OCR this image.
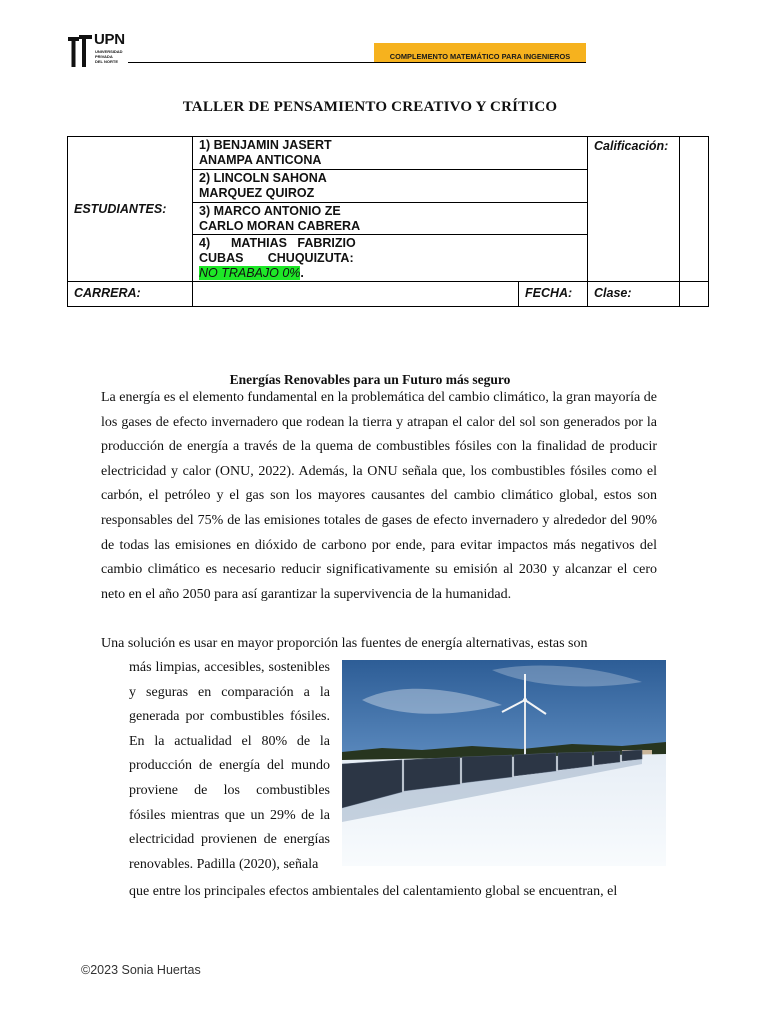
UPN
UNIVERSIDAD
PRIVADA
DEL NORTE
COMPLEMENTO MATEMÁTICO PARA INGENIEROS
TALLER DE PENSAMIENTO CREATIVO Y CRÍTICO
ESTUDIANTES:
1) BENJAMIN JASERT
ANAMPA ANTICONA
2) LINCOLN SAHONA
MARQUEZ QUIROZ
3) MARCO ANTONIO ZE
CARLO MORAN CABRERA
4)      MATHIAS   FABRIZIO
CUBAS       CHUQUIZUTA:
NO TRABAJO 0%.
Calificación:
CARRERA:	FECHA: Clase:
Energías Renovables para un Futuro más seguro
La energía es el elemento fundamental en la problemática del cambio climático, la gran mayoría de los gases de efecto invernadero que rodean la tierra y atrapan el calor del sol son generados por la producción de energía a través de la quema de combustibles fósiles con la finalidad de producir electricidad y calor (ONU, 2022). Además, la ONU señala que, los combustibles fósiles como el carbón, el petróleo y el gas son los mayores causantes del cambio climático global, estos son responsables del 75% de las emisiones totales de gases de efecto invernadero y alrededor del 90% de todas las emisiones en dióxido de carbono por ende, para evitar impactos más negativos del cambio climático es necesario reducir significativamente su emisión al 2030 y alcanzar el cero neto en el año 2050 para así garantizar la supervivencia de la humanidad.
Una solución es usar en mayor proporción las fuentes de energía alternativas, estas son
más limpias, accesibles, sostenibles y seguras en comparación a la generada por combustibles fósiles. En la actualidad el 80% de la producción de energía del mundo proviene de los combustibles fósiles mientras que un 29% de la electricidad provienen de energías renovables. Padilla (2020), señala
que entre los principales efectos ambientales del calentamiento global se encuentran, el
©2023 Sonia Huertas
